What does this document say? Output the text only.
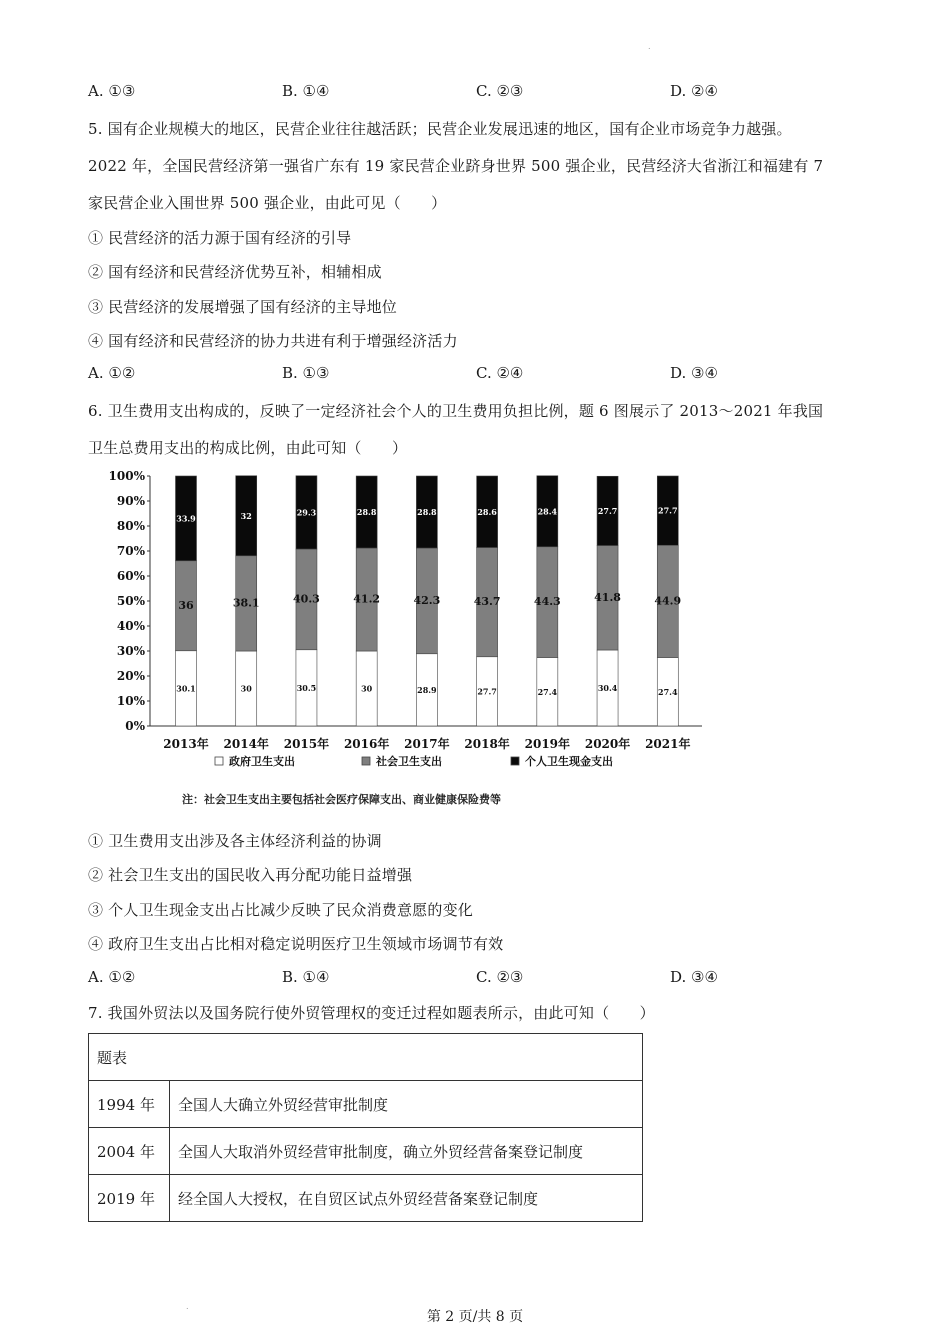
.
A. ①③	B. ①④	C. ②③	D. ②④
5. 国有企业规模大的地区，民营企业往往越活跃；民营企业发展迅速的地区，国有企业市场竞争力越强。
2022 年，全国民营经济第一强省广东有 19 家民营企业跻身世界 500 强企业，民营经济大省浙江和福建有 7
家民营企业入围世界 500 强企业，由此可见（　　）
① 民营经济的活力源于国有经济的引导
② 国有经济和民营经济优势互补，相辅相成
③ 民营经济的发展增强了国有经济的主导地位
④ 国有经济和民营经济的协力共进有利于增强经济活力
A. ①②	B. ①③	C. ②④	D. ③④
6. 卫生费用支出构成的，反映了一定经济社会个人的卫生费用负担比例，题 6 图展示了 2013～2021 年我国
卫生总费用支出的构成比例，由此可知（　　）
30.1
36
33.9
30
38.1
32
30.5
40.3
29.3
30
41.2
28.8
28.9
42.3
28.8
27.7
43.7
28.6
27.4
44.3
28.4
30.4
41.8
27.7
27.4
44.9
27.7
0%
10%
20%
30%
40%
50%
60%
70%
80%
90%
100%
2013年 2014年 2015年 2016年 2017年 2018年 2019年 2020年 2021年
政府卫生支出	社会卫生支出	个人卫生现金支出
注：社会卫生支出主要包括社会医疗保障支出、商业健康保险费等
① 卫生费用支出涉及各主体经济利益的协调
② 社会卫生支出的国民收入再分配功能日益增强
③ 个人卫生现金支出占比减少反映了民众消费意愿的变化
④ 政府卫生支出占比相对稳定说明医疗卫生领域市场调节有效
A. ①②	B. ①④	C. ②③	D. ③④
7. 我国外贸法以及国务院行使外贸管理权的变迁过程如题表所示，由此可知（　　）
题表	
1994 年	全国人大确立外贸经营审批制度
2004 年	全国人大取消外贸经营审批制度，确立外贸经营备案登记制度
2019 年	经全国人大授权，在自贸区试点外贸经营备案登记制度
.
第 2 页/共 8 页
